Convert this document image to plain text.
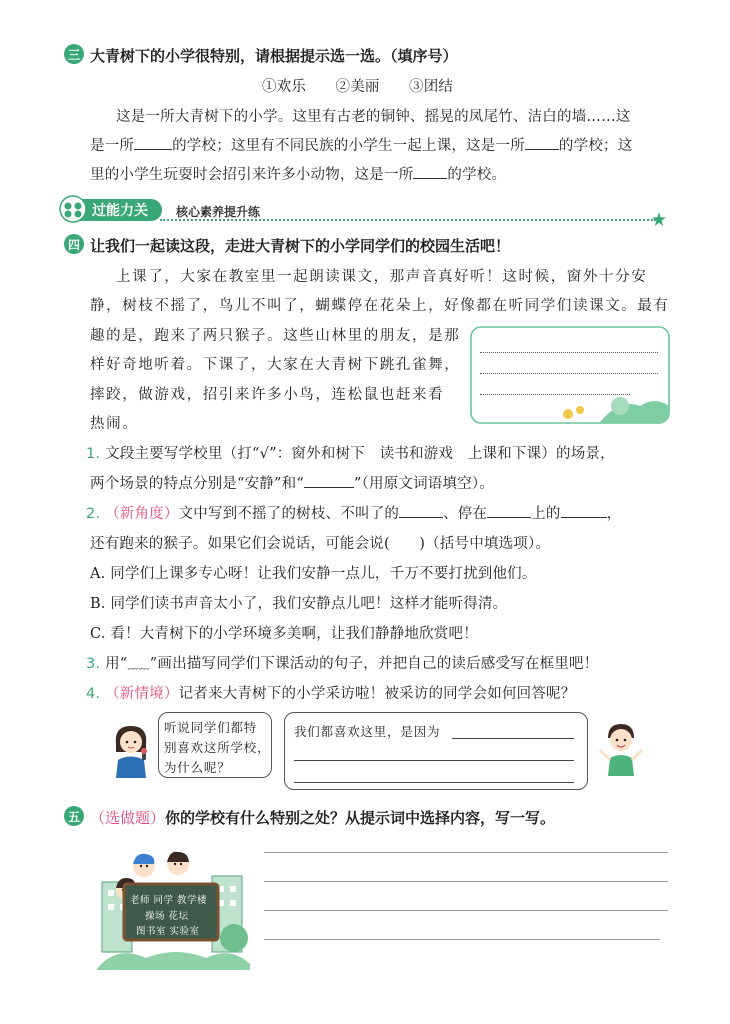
三 大青树下的小学很特别，请根据提示选一选。（填序号）
①欢乐　　②美丽　　③团结
这是一所大青树下的小学。这里有古老的铜钟、摇晃的凤尾竹、洁白的墙……这
是一所	的学校；这里有不同民族的小学生一起上课，这是一所 的学校；这
里的小学生玩耍时会招引来许多小动物，这是一所 的学校。
过能力关 核心素养提升练
四 让我们一起读这段，走进大青树下的小学同学们的校园生活吧！
上课了，大家在教室里一起朗读课文，那声音真好听！这时候，窗外十分安
静，树枝不摇了，鸟儿不叫了，蝴蝶停在花朵上，好像都在听同学们读课文。最有
趣的是，跑来了两只猴子。这些山林里的朋友，是那
样好奇地听着。下课了，大家在大青树下跳孔雀舞，
摔跤，做游戏，招引来许多小鸟，连松鼠也赶来看
热闹。
1. 文段主要写学校里（打“√”：窗外和树下　读书和游戏　上课和下课）的场景，
两个场景的特点分别是“安静”和“	”（用原文词语填空）。
2. （新角度）文中写到不摇了的树枝、不叫了的	、停在	上的	，
还有跑来的猴子。如果它们会说话，可能会说(　　)（括号中填选项）。
A. 同学们上课多专心呀！让我们安静一点儿，千万不要打扰到他们。
B. 同学们读书声音太小了，我们安静点儿吧！这样才能听得清。
C. 看！大青树下的小学环境多美啊，让我们静静地欣赏吧！
3. 用“﹏﹏”画出描写同学们下课活动的句子，并把自己的读后感受写在框里吧！
4. （新情境）记者来大青树下的小学采访啦！被采访的同学会如何回答呢？
听说同学们都特
别喜欢这所学校，
为什么呢？
我们都喜欢这里，是因为
五 （选做题）你的学校有什么特别之处？从提示词中选择内容，写一写。
老师 同学 教学楼
操场 花坛
图书室 实验室
